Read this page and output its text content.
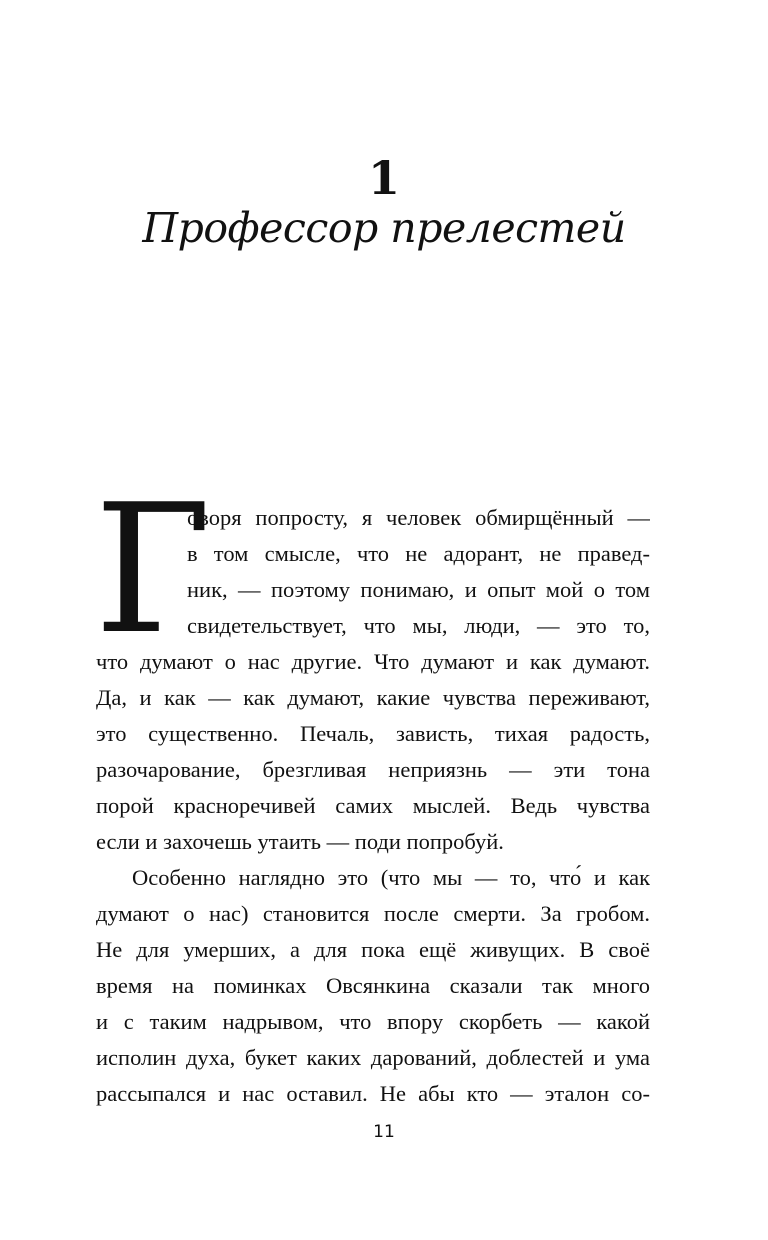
1
Профессор прелестей
Г
оворя попросту, я человек обмирщённый —
в том смысле, что не адорант, не правед-
ник, — поэтому понимаю, и опыт мой о том
свидетельствует, что мы, люди, — это то,
что думают о нас другие. Что думают и как думают.
Да, и как — как думают, какие чувства переживают,
это существенно. Печаль, зависть, тихая радость,
разочарование, брезгливая неприязнь — эти тона
порой красноречивей самих мыслей. Ведь чувства
если и захочешь утаить — поди попробуй.
Особенно наглядно это (что мы — то, что́ и как
думают о нас) становится после смерти. За гробом.
Не для умерших, а для пока ещё живущих. В своё
время на поминках Овсянкина сказали так много
и с таким надрывом, что впору скорбеть — какой
исполин духа, букет каких дарований, доблестей и ума
рассыпался и нас оставил. Не абы кто — эталон со-
11
